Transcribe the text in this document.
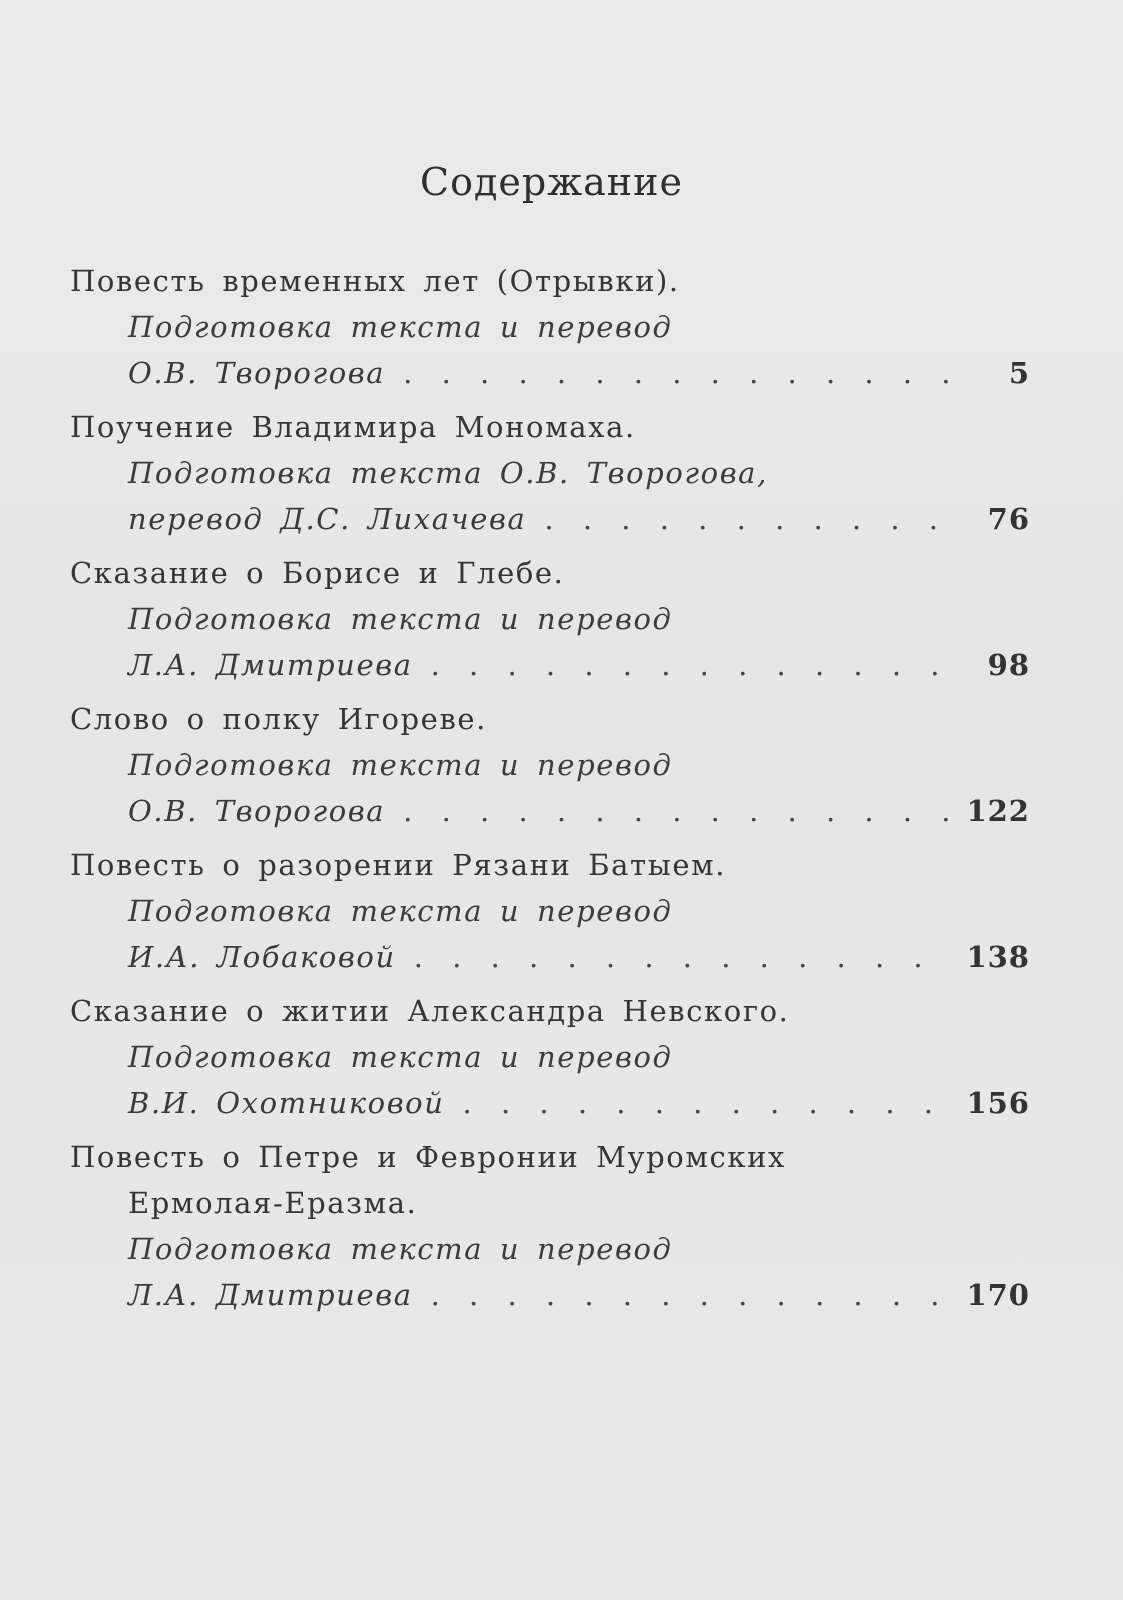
Содержание
Повесть временных лет (Отрывки).
Подготовка текста и перевод
О.В. Творогова . . .	5
Поучение Владимира Мономаха.
Подготовка текста О.В. Творогова,
перевод Д.С. Лихачева . . .	76
Сказание о Борисе и Глебе.
Подготовка текста и перевод
Л.А. Дмитриева . . .	98
Слово о полку Игореве.
Подготовка текста и перевод
О.В. Творогова . . .	122
Повесть о разорении Рязани Батыем.
Подготовка текста и перевод
И.А. Лобаковой . . .	138
Сказание о житии Александра Невского.
Подготовка текста и перевод
В.И. Охотниковой . . .	156
Повесть о Петре и Февронии Муромских
Ермолая-Еразма.
Подготовка текста и перевод
Л.А. Дмитриева . . .	170
